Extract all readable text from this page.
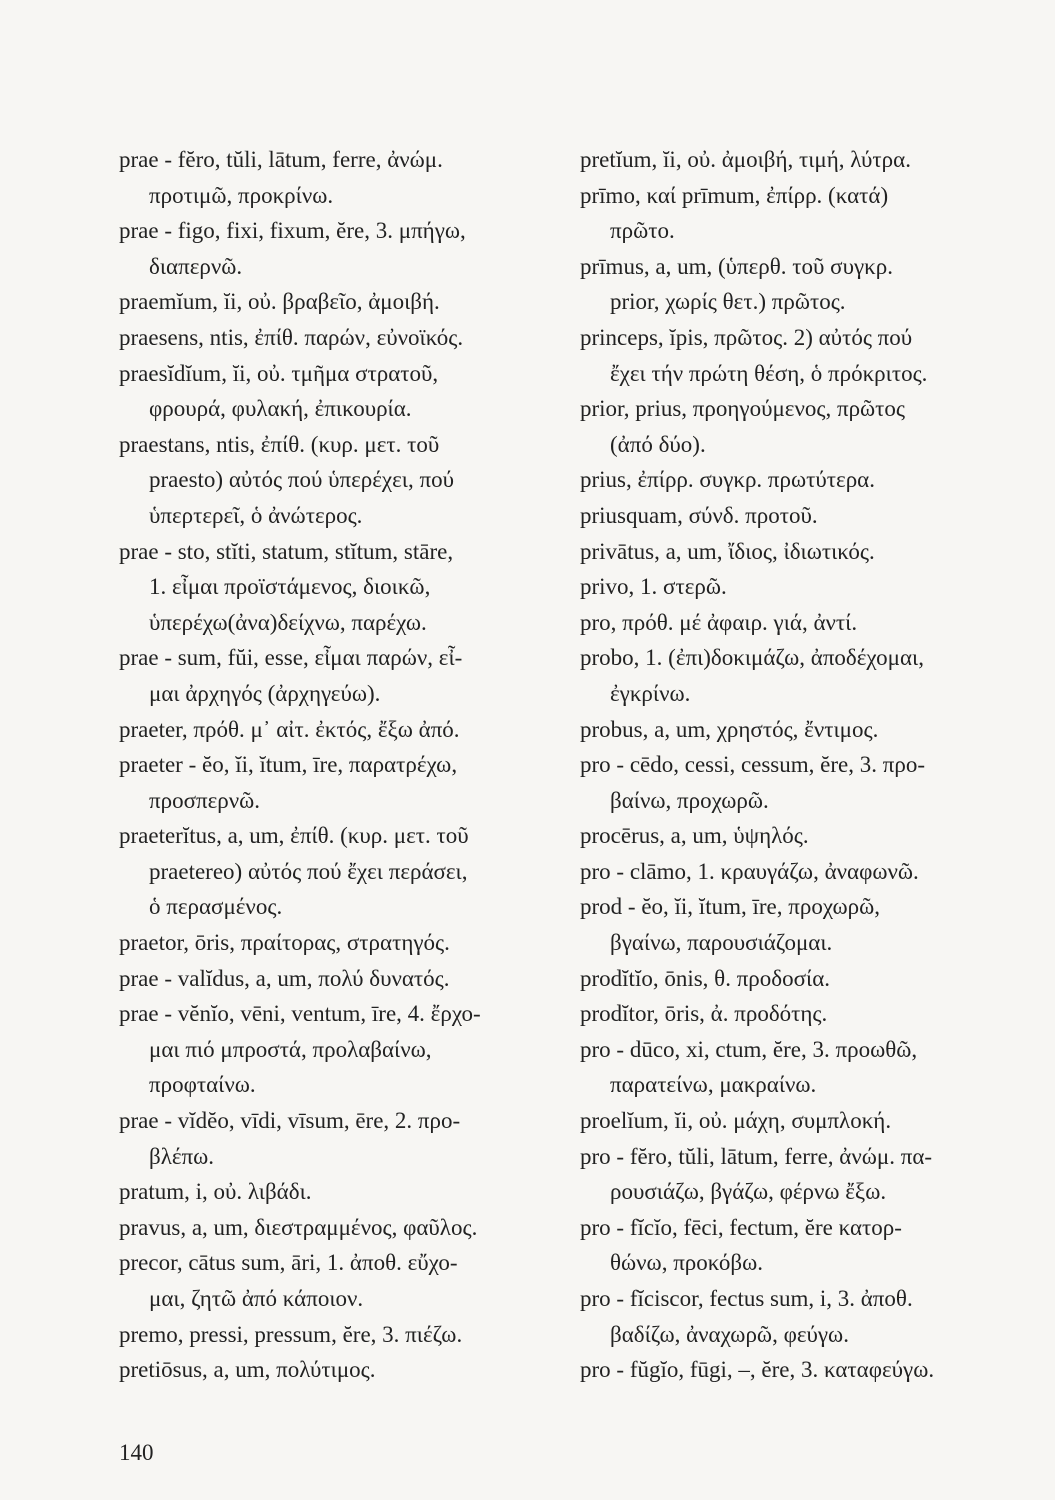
prae - fĕro, tŭli, lātum, ferre, ἀνώμ.
προτιμῶ, προκρίνω.
prae - figo, fixi, fixum, ĕre, 3. μπήγω,
διαπερνῶ.
praemĭum, ĭi, οὐ. βραβεῖο, ἀμοιβή.
praesens, ntis, ἐπίθ. παρών, εὐνοϊκός.
praesĭdĭum, ĭi, οὐ. τμῆμα στρατοῦ,
φρουρά, φυλακή, ἐπικουρία.
praestans, ntis, ἐπίθ. (κυρ. μετ. τοῦ
praesto) αὐτός πού ὑπερέχει, πού
ὑπερτερεῖ, ὁ ἀνώτερος.
prae - sto, stĭti, statum, stĭtum, stāre,
1. εἶμαι προϊστάμενος, διοικῶ,
ὑπερέχω(ἀνα)δείχνω, παρέχω.
prae - sum, fŭi, esse, εἶμαι παρών, εἶ-
μαι ἀρχηγός (ἀρχηγεύω).
praeter, πρόθ. μ᾽ αἰτ. ἐκτός, ἔξω ἀπό.
praeter - ĕo, ĭi, ĭtum, īre, παρατρέχω,
προσπερνῶ.
praeterĭtus, a, um, ἐπίθ. (κυρ. μετ. τοῦ
praetereo) αὐτός πού ἔχει περάσει,
ὁ περασμένος.
praetor, ōris, πραίτορας, στρατηγός.
prae - valĭdus, a, um, πολύ δυνατός.
prae - vĕnĭo, vēni, ventum, īre, 4. ἔρχο-
μαι πιό μπροστά, προλαβαίνω,
προφταίνω.
prae - vĭdĕo, vīdi, vīsum, ēre, 2. προ-
βλέπω.
pratum, i, οὐ. λιβάδι.
pravus, a, um, διεστραμμένος, φαῦλος.
precor, cātus sum, āri, 1. ἀποθ. εὔχο-
μαι, ζητῶ ἀπό κάποιον.
premo, pressi, pressum, ĕre, 3. πιέζω.
pretiōsus, a, um, πολύτιμος.
pretĭum, ĭi, οὐ. ἀμοιβή, τιμή, λύτρα.
prīmo, καί prīmum, ἐπίρρ. (κατά)
πρῶτο.
prīmus, a, um, (ὑπερθ. τοῦ συγκρ.
prior, χωρίς θετ.) πρῶτος.
princeps, ĭpis, πρῶτος. 2) αὐτός πού
ἔχει τήν πρώτη θέση, ὁ πρόκριτος.
prior, prius, προηγούμενος, πρῶτος
(ἀπό δύο).
prius, ἐπίρρ. συγκρ. πρωτύτερα.
priusquam, σύνδ. προτοῦ.
privātus, a, um, ἴδιος, ἰδιωτικός.
privo, 1. στερῶ.
pro, πρόθ. μέ ἀφαιρ. γιά, ἀντί.
probo, 1. (ἐπι)δοκιμάζω, ἀποδέχομαι,
ἐγκρίνω.
probus, a, um, χρηστός, ἔντιμος.
pro - cēdo, cessi, cessum, ĕre, 3. προ-
βαίνω, προχωρῶ.
procērus, a, um, ὑψηλός.
pro - clāmo, 1. κραυγάζω, ἀναφωνῶ.
prod - ĕo, ĭi, ĭtum, īre, προχωρῶ,
βγαίνω, παρουσιάζομαι.
prodĭtĭo, ōnis, θ. προδοσία.
prodĭtor, ōris, ἀ. προδότης.
pro - dūco, xi, ctum, ĕre, 3. προωθῶ,
παρατείνω, μακραίνω.
proelĭum, ĭi, οὐ. μάχη, συμπλοκή.
pro - fĕro, tŭli, lātum, ferre, ἀνώμ. πα-
ρουσιάζω, βγάζω, φέρνω ἔξω.
pro - fĭcĭo, fēci, fectum, ĕre κατορ-
θώνω, προκόβω.
pro - fĭciscor, fectus sum, i, 3. ἀποθ.
βαδίζω, ἀναχωρῶ, φεύγω.
pro - fŭgĭo, fūgi, –, ĕre, 3. καταφεύγω.
140
